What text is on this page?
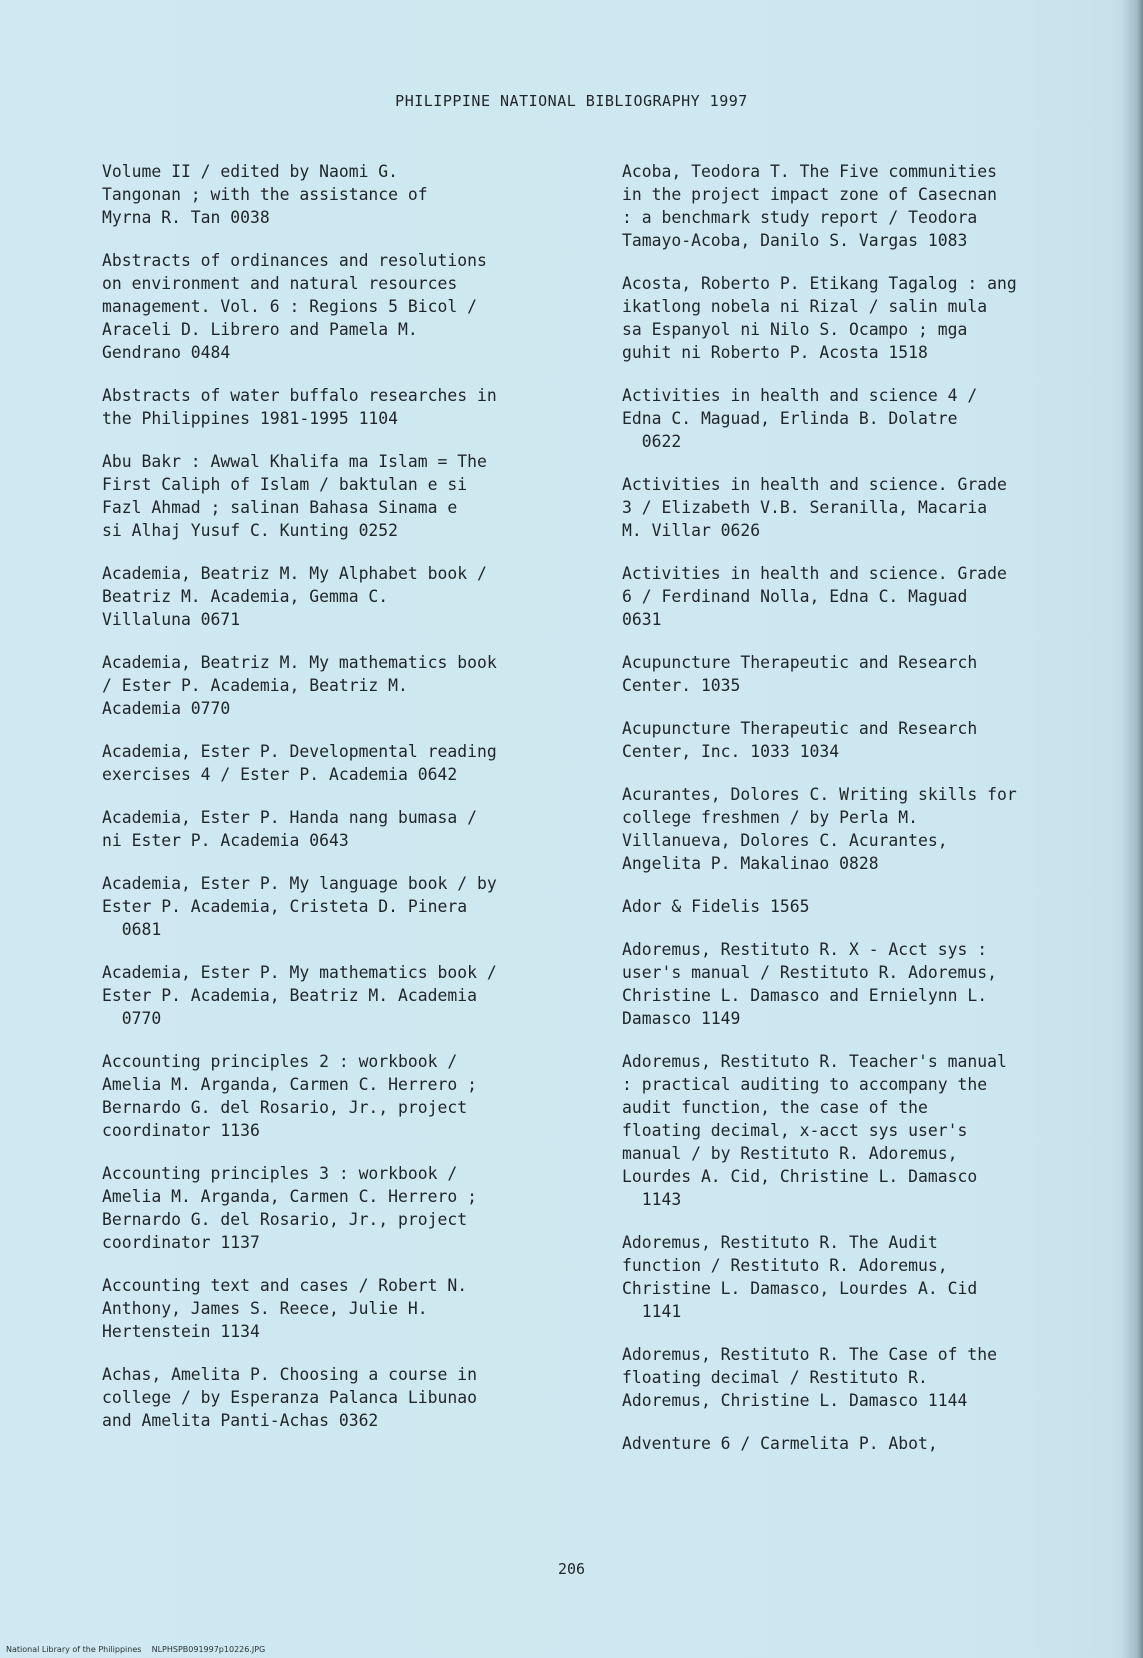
PHILIPPINE NATIONAL BIBLIOGRAPHY 1997
Volume II / edited by Naomi G.
Tangonan ; with the assistance of
Myrna R. Tan 0038
Abstracts of ordinances and resolutions
on environment and natural resources
management. Vol. 6 : Regions 5 Bicol /
Araceli D. Librero and Pamela M.
Gendrano 0484
Abstracts of water buffalo researches in
the Philippines 1981-1995 1104
Abu Bakr : Awwal Khalifa ma Islam = The
First Caliph of Islam / baktulan e si
Fazl Ahmad ; salinan Bahasa Sinama e
si Alhaj Yusuf C. Kunting 0252
Academia, Beatriz M. My Alphabet book /
Beatriz M. Academia, Gemma C.
Villaluna 0671
Academia, Beatriz M. My mathematics book
/ Ester P. Academia, Beatriz M.
Academia 0770
Academia, Ester P. Developmental reading
exercises 4 / Ester P. Academia 0642
Academia, Ester P. Handa nang bumasa /
ni Ester P. Academia 0643
Academia, Ester P. My language book / by
Ester P. Academia, Cristeta D. Pinera
0681
Academia, Ester P. My mathematics book /
Ester P. Academia, Beatriz M. Academia
0770
Accounting principles 2 : workbook /
Amelia M. Arganda, Carmen C. Herrero ;
Bernardo G. del Rosario, Jr., project
coordinator 1136
Accounting principles 3 : workbook /
Amelia M. Arganda, Carmen C. Herrero ;
Bernardo G. del Rosario, Jr., project
coordinator 1137
Accounting text and cases / Robert N.
Anthony, James S. Reece, Julie H.
Hertenstein 1134
Achas, Amelita P. Choosing a course in
college / by Esperanza Palanca Libunao
and Amelita Panti-Achas 0362
Acoba, Teodora T. The Five communities
in the project impact zone of Casecnan
: a benchmark study report / Teodora
Tamayo-Acoba, Danilo S. Vargas 1083
Acosta, Roberto P. Etikang Tagalog : ang
ikatlong nobela ni Rizal / salin mula
sa Espanyol ni Nilo S. Ocampo ; mga
guhit ni Roberto P. Acosta 1518
Activities in health and science 4 /
Edna C. Maguad, Erlinda B. Dolatre
0622
Activities in health and science. Grade
3 / Elizabeth V.B. Seranilla, Macaria
M. Villar 0626
Activities in health and science. Grade
6 / Ferdinand Nolla, Edna C. Maguad
0631
Acupuncture Therapeutic and Research
Center. 1035
Acupuncture Therapeutic and Research
Center, Inc. 1033 1034
Acurantes, Dolores C. Writing skills for
college freshmen / by Perla M.
Villanueva, Dolores C. Acurantes,
Angelita P. Makalinao 0828
Ador & Fidelis 1565
Adoremus, Restituto R. X - Acct sys :
user's manual / Restituto R. Adoremus,
Christine L. Damasco and Ernielynn L.
Damasco 1149
Adoremus, Restituto R. Teacher's manual
: practical auditing to accompany the
audit function, the case of the
floating decimal, x-acct sys user's
manual / by Restituto R. Adoremus,
Lourdes A. Cid, Christine L. Damasco
1143
Adoremus, Restituto R. The Audit
function / Restituto R. Adoremus,
Christine L. Damasco, Lourdes A. Cid
1141
Adoremus, Restituto R. The Case of the
floating decimal / Restituto R.
Adoremus, Christine L. Damasco 1144
Adventure 6 / Carmelita P. Abot,
206
National Library of the Philippines    NLPHSPB091997p10226.JPG
